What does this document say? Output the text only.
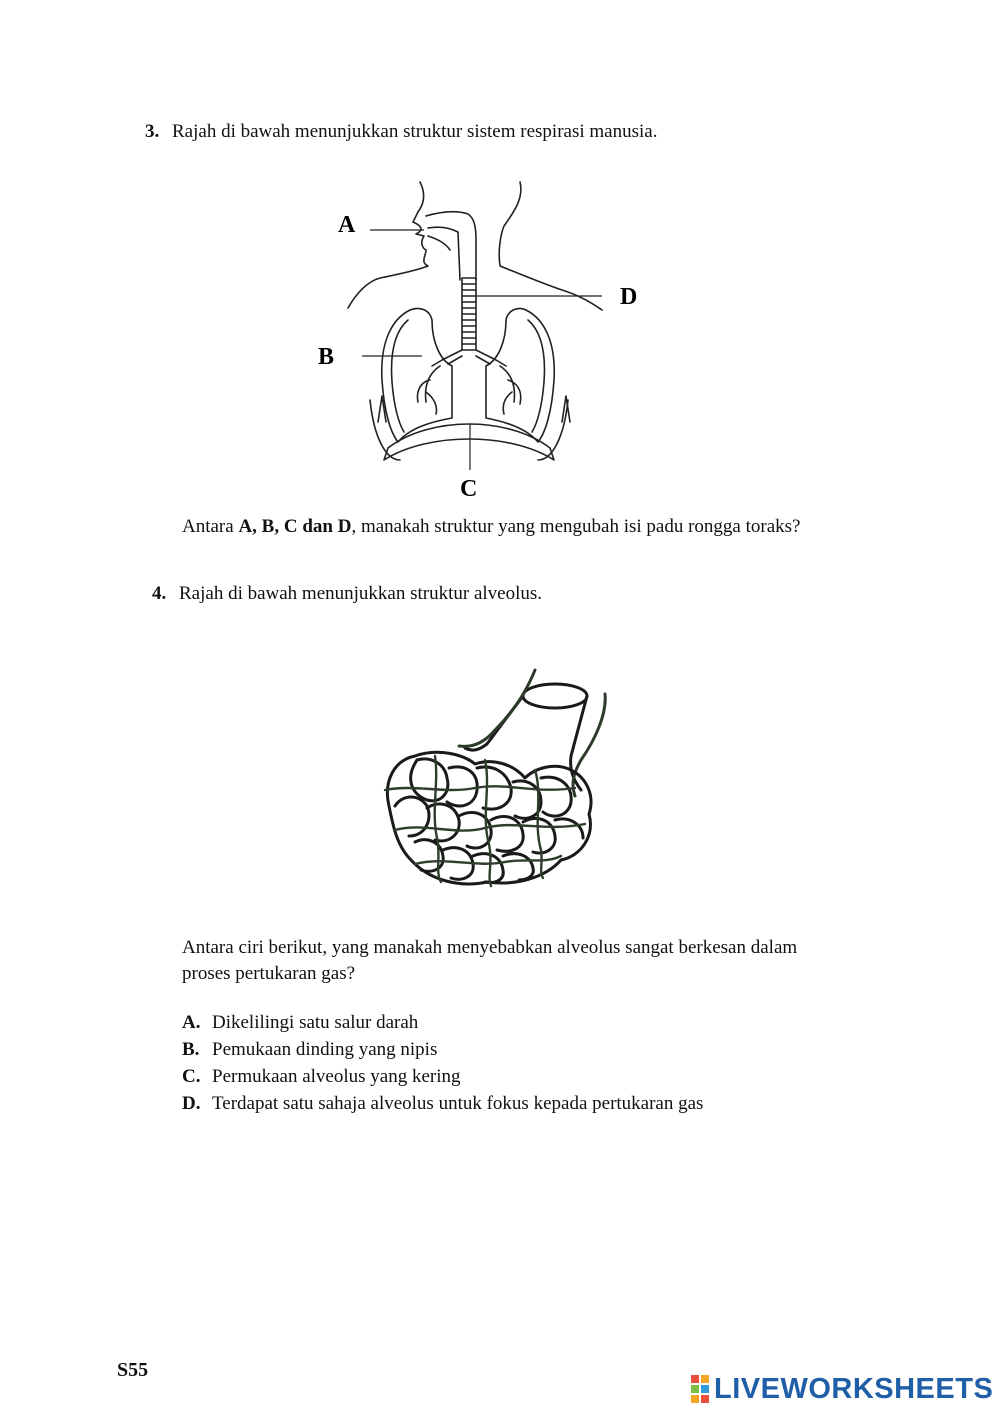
3. Rajah di bawah menunjukkan struktur sistem respirasi manusia.
A
D
B
C
Antara A, B, C dan D, manakah struktur yang mengubah isi padu rongga toraks?
4. Rajah di bawah menunjukkan struktur alveolus.
Antara ciri berikut, yang manakah menyebabkan alveolus sangat berkesan dalam
proses pertukaran gas?
A. Dikelilingi satu salur darah
B. Pemukaan dinding yang nipis
C. Permukaan alveolus yang kering
D. Terdapat satu sahaja alveolus untuk fokus kepada pertukaran gas
S55
LIVEWORKSHEETS
